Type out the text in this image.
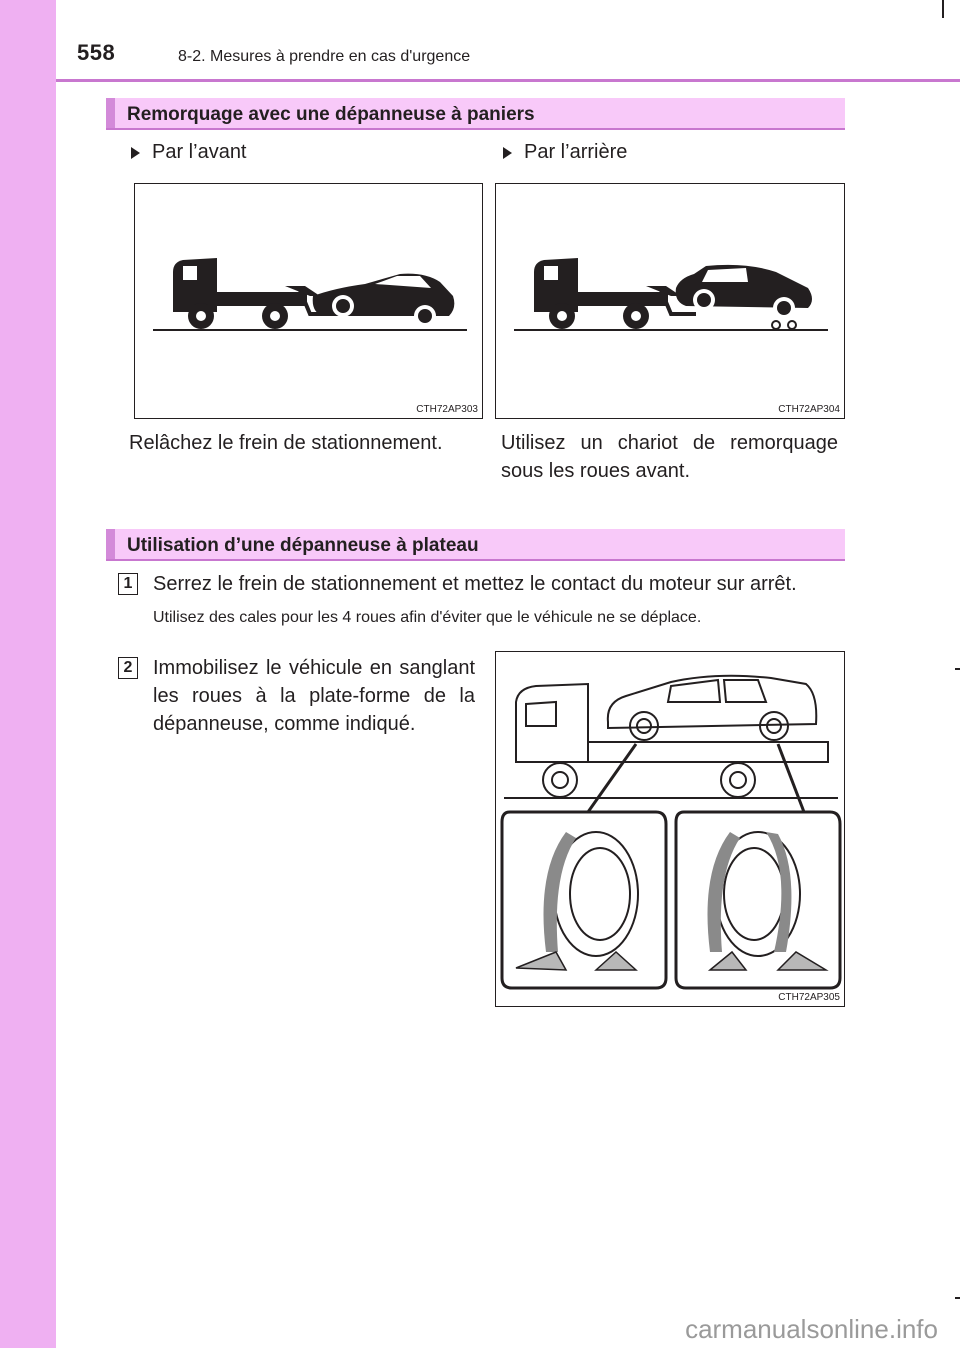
558	8-2. Mesures à prendre en cas d'urgence
Remorquage avec une dépanneuse à paniers
Par l’avant	Par l’arrière
CTH72AP303	CTH72AP304
Relâchez le frein de stationnement.	Utilisez un chariot de remorquage sous les roues avant.
Utilisation d’une dépanneuse à plateau
1 Serrez le frein de stationnement et mettez le contact du moteur sur arrêt.
Utilisez des cales pour les 4 roues afin d'éviter que le véhicule ne se déplace.
2 Immobilisez le véhicule en sanglant les roues à la plate-forme de la dépanneuse, comme indiqué.
CTH72AP305
carmanualsonline.info
